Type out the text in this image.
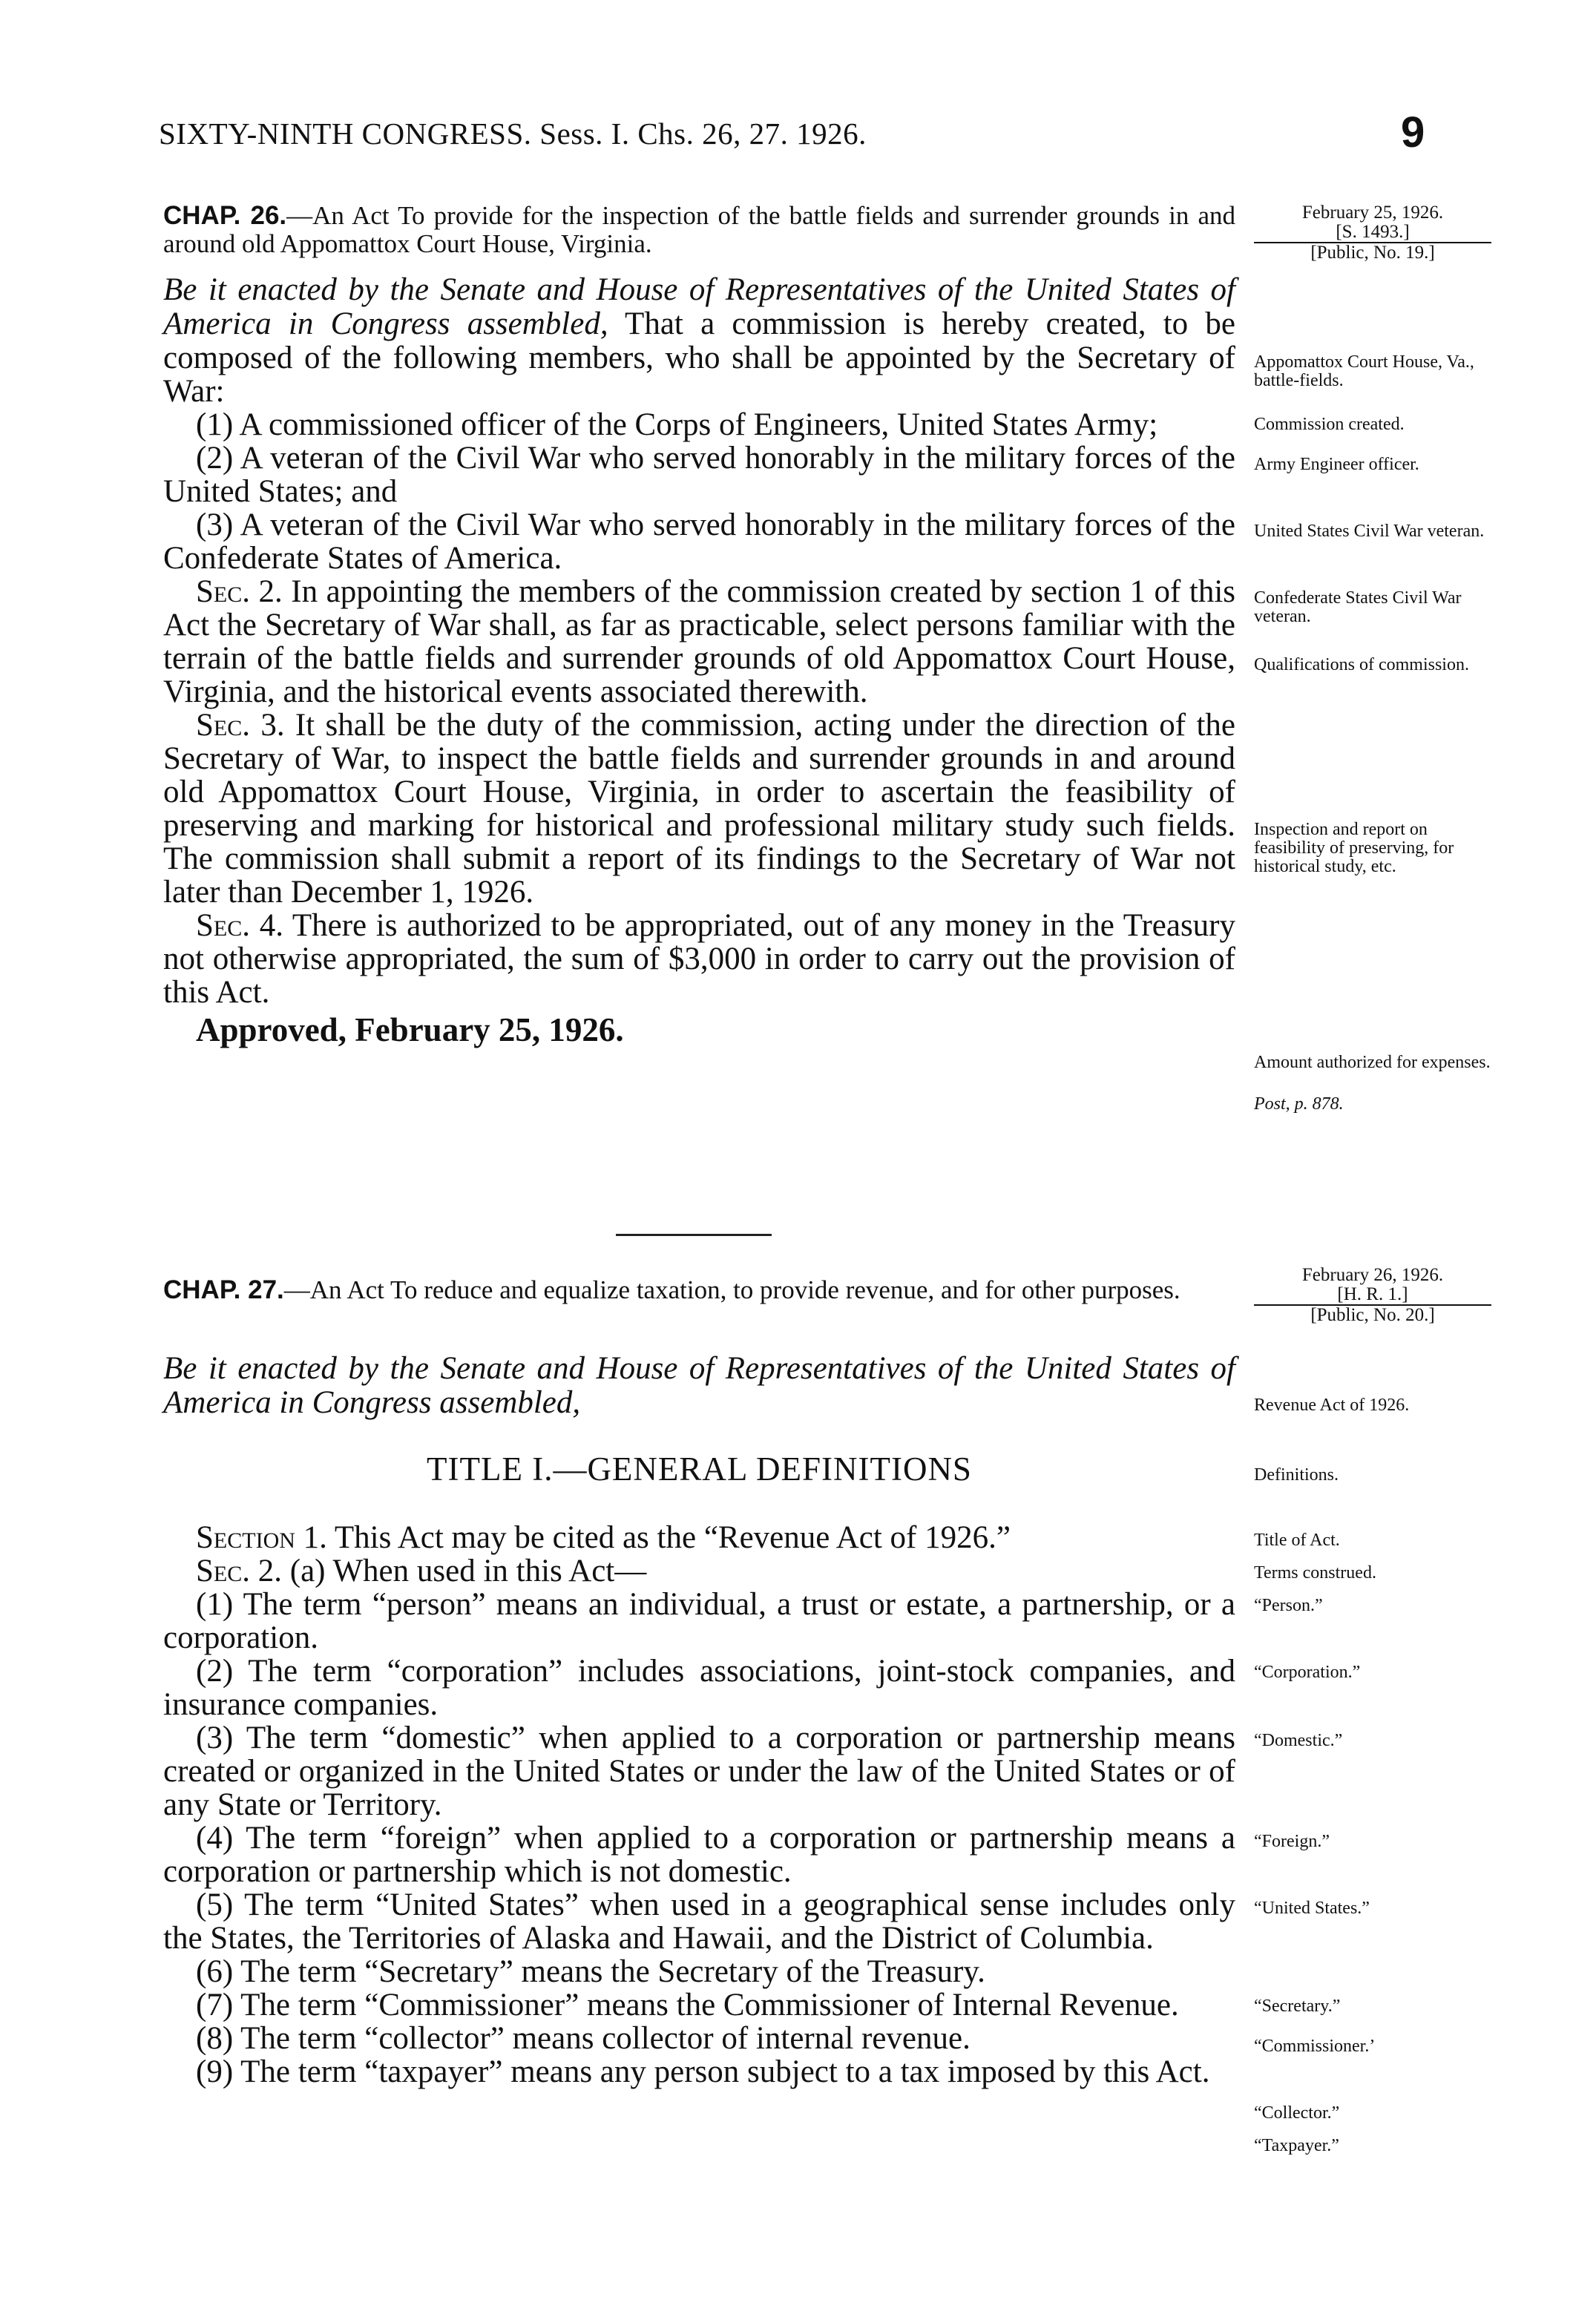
SIXTY-NINTH CONGRESS. Sess. I. Chs. 26, 27. 1926.	9
CHAP. 26.—An Act To provide for the inspection of the battle fields and surrender grounds in and around old Appomattox Court House, Virginia.
February 25, 1926.
[S. 1493.]
[Public, No. 19.]

Be it enacted by the Senate and House of Representatives of the United States of America in Congress assembled, That a commission is hereby created, to be composed of the following members, who shall be appointed by the Secretary of War:

(1) A commissioned officer of the Corps of Engineers, United States Army;

(2) A veteran of the Civil War who served honorably in the military forces of the United States; and

(3) A veteran of the Civil War who served honorably in the military forces of the Confederate States of America.

Sec. 2. In appointing the members of the commission created by section 1 of this Act the Secretary of War shall, as far as practicable, select persons familiar with the terrain of the battle fields and surrender grounds of old Appomattox Court House, Virginia, and the historical events associated therewith.

Sec. 3. It shall be the duty of the commission, acting under the direction of the Secretary of War, to inspect the battle fields and surrender grounds in and around old Appomattox Court House, Virginia, in order to ascertain the feasibility of preserving and marking for historical and professional military study such fields. The commission shall submit a report of its findings to the Secretary of War not later than December 1, 1926.

Sec. 4. There is authorized to be appropriated, out of any money in the Treasury not otherwise appropriated, the sum of $3,000 in order to carry out the provision of this Act.

Approved, February 25, 1926.

Appomattox Court House, Va., battle-fields.
Commission created.
Army Engineer officer.
United States Civil War veteran.
Confederate States Civil War veteran.
Qualifications of commission.
Inspection and report on feasibility of preserving, for historical study, etc.
Amount authorized for expenses.
Post, p. 878.
CHAP. 27.—An Act To reduce and equalize taxation, to provide revenue, and for other purposes.
February 26, 1926.
[H. R. 1.]
[Public, No. 20.]
Be it enacted by the Senate and House of Representatives of the United States of America in Congress assembled,	Revenue Act of 1926.
TITLE I.—GENERAL DEFINITIONS	Definitions.

Section 1. This Act may be cited as the “Revenue Act of 1926.”

Sec. 2. (a) When used in this Act—

(1) The term “person” means an individual, a trust or estate, a partnership, or a corporation.

(2) The term “corporation” includes associations, joint-stock companies, and insurance companies.

(3) The term “domestic” when applied to a corporation or partnership means created or organized in the United States or under the law of the United States or of any State or Territory.

(4) The term “foreign” when applied to a corporation or partnership means a corporation or partnership which is not domestic.

(5) The term “United States” when used in a geographical sense includes only the States, the Territories of Alaska and Hawaii, and the District of Columbia.

(6) The term “Secretary” means the Secretary of the Treasury.

(7) The term “Commissioner” means the Commissioner of Internal Revenue.

(8) The term “collector” means collector of internal revenue.

(9) The term “taxpayer” means any person subject to a tax imposed by this Act.

Title of Act.
Terms construed.
“Person.”
“Corporation.”
“Domestic.”
“Foreign.”
“United States.”
“Secretary.”
“Commissioner.’
“Collector.”
“Taxpayer.”
